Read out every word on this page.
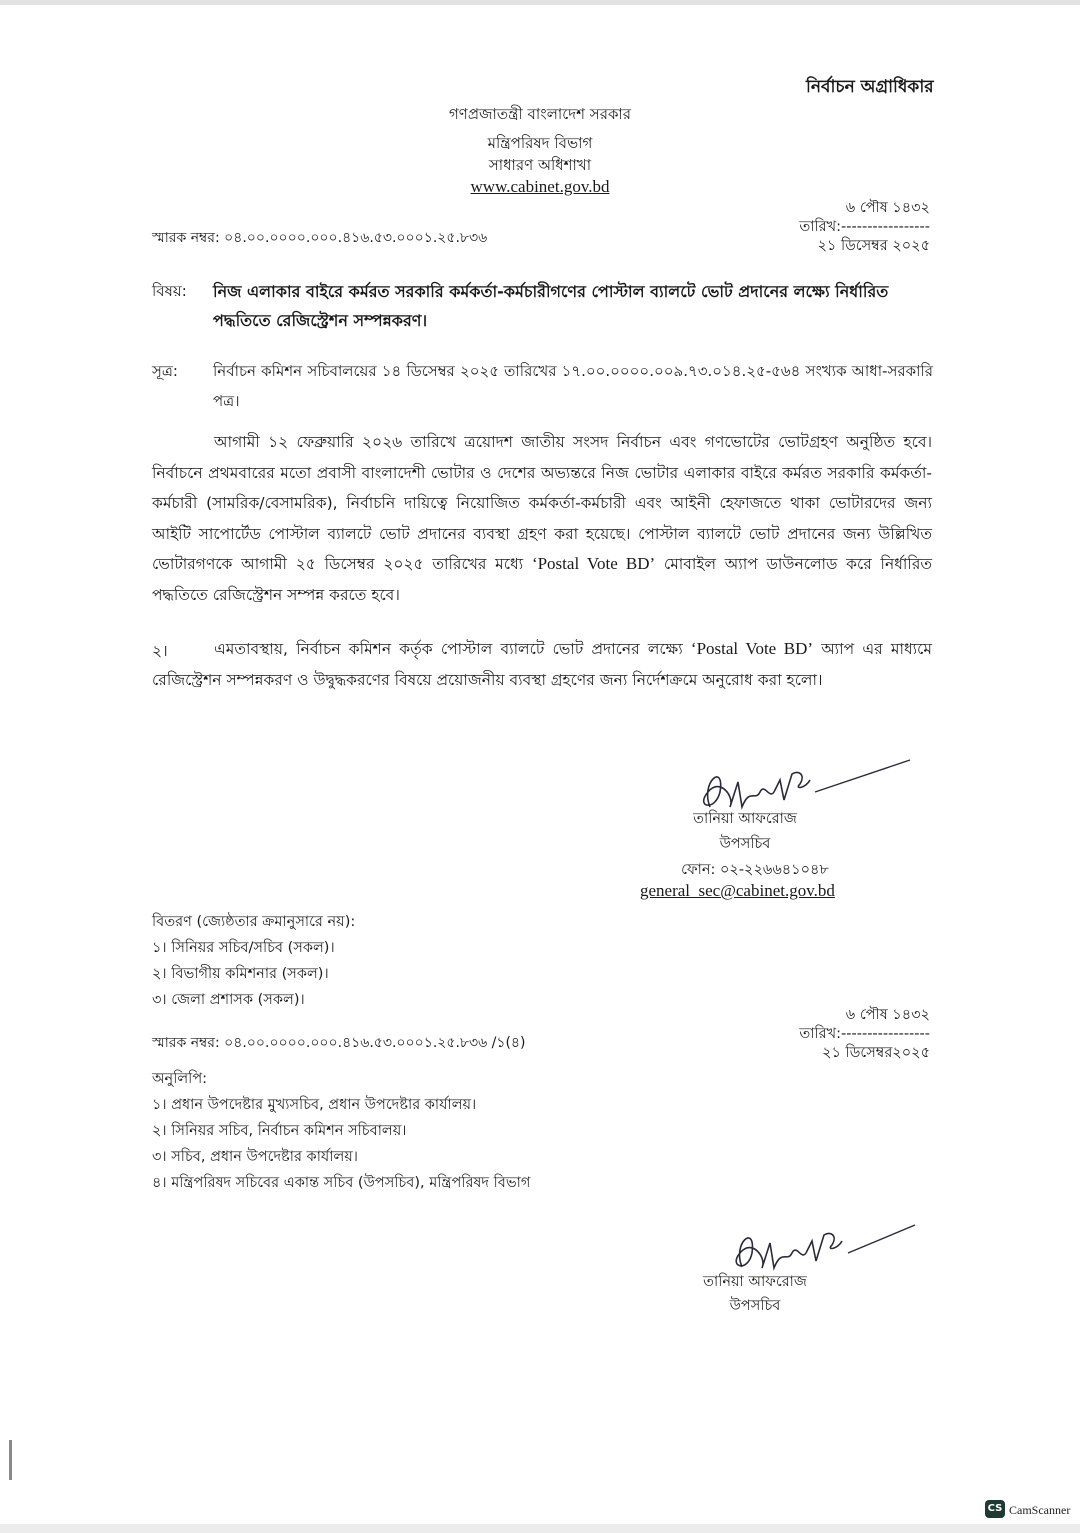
নির্বাচন অগ্রাধিকার
গণপ্রজাতন্ত্রী বাংলাদেশ সরকার
মন্ত্রিপরিষদ বিভাগ
সাধারণ অধিশাখা
www.cabinet.gov.bd
স্মারক নম্বর: ০৪.০০.০০০০.০০০.৪১৬.৫৩.০০০১.২৫.৮৩৬
৬ পৌষ ১৪৩২
তারিখ:-----------------
২১ ডিসেম্বর ২০২৫
বিষয়: নিজ এলাকার বাইরে কর্মরত সরকারি কর্মকর্তা-কর্মচারীগণের পোস্টাল ব্যালটে ভোট প্রদানের লক্ষ্যে নির্ধারিত পদ্ধতিতে রেজিস্ট্রেশন সম্পন্নকরণ।
সূত্র: নির্বাচন কমিশন সচিবালয়ের ১৪ ডিসেম্বর ২০২৫ তারিখের ১৭.০০.০০০০.০০৯.৭৩.০১৪.২৫-৫৬৪ সংখ্যক আধা-সরকারি পত্র।
আগামী ১২ ফেব্রুয়ারি ২০২৬ তারিখে ত্রয়োদশ জাতীয় সংসদ নির্বাচন এবং গণভোটের ভোটগ্রহণ অনুষ্ঠিত হবে। নির্বাচনে প্রথমবারের মতো প্রবাসী বাংলাদেশী ভোটার ও দেশের অভ্যন্তরে নিজ ভোটার এলাকার বাইরে কর্মরত সরকারি কর্মকর্তা-কর্মচারী (সামরিক/বেসামরিক), নির্বাচনি দায়িত্বে নিয়োজিত কর্মকর্তা-কর্মচারী এবং আইনী হেফাজতে থাকা ভোটারদের জন্য আইটি সাপোর্টেড পোস্টাল ব্যালটে ভোট প্রদানের ব্যবস্থা গ্রহণ করা হয়েছে। পোস্টাল ব্যালটে ভোট প্রদানের জন্য উল্লিখিত ভোটারগণকে আগামী ২৫ ডিসেম্বর ২০২৫ তারিখের মধ্যে ‘Postal Vote BD’ মোবাইল অ্যাপ ডাউনলোড করে নির্ধারিত পদ্ধতিতে রেজিস্ট্রেশন সম্পন্ন করতে হবে।
২।	এমতাবস্থায়, নির্বাচন কমিশন কর্তৃক পোস্টাল ব্যালটে ভোট প্রদানের লক্ষ্যে ‘Postal Vote BD’ অ্যাপ এর মাধ্যমে রেজিস্ট্রেশন সম্পন্নকরণ ও উদ্বুদ্ধকরণের বিষয়ে প্রয়োজনীয় ব্যবস্থা গ্রহণের জন্য নির্দেশক্রমে অনুরোধ করা হলো।
তানিয়া আফরোজ
উপসচিব
ফোন: ০২-২২৬৬৪১০৪৮
general_sec@cabinet.gov.bd
বিতরণ (জ্যেষ্ঠতার ক্রমানুসারে নয়):
১। সিনিয়র সচিব/সচিব (সকল)।
২। বিভাগীয় কমিশনার (সকল)।
৩। জেলা প্রশাসক (সকল)।
স্মারক নম্বর: ০৪.০০.০০০০.০০০.৪১৬.৫৩.০০০১.২৫.৮৩৬ /১(৪)
৬ পৌষ ১৪৩২
তারিখ:-----------------
২১ ডিসেম্বর২০২৫
অনুলিপি:
১। প্রধান উপদেষ্টার মুখ্যসচিব, প্রধান উপদেষ্টার কার্যালয়।
২। সিনিয়র সচিব, নির্বাচন কমিশন সচিবালয়।
৩। সচিব, প্রধান উপদেষ্টার কার্যালয়।
৪। মন্ত্রিপরিষদ সচিবের একান্ত সচিব (উপসচিব), মন্ত্রিপরিষদ বিভাগ
তানিয়া আফরোজ
উপসচিব
CS CamScanner
